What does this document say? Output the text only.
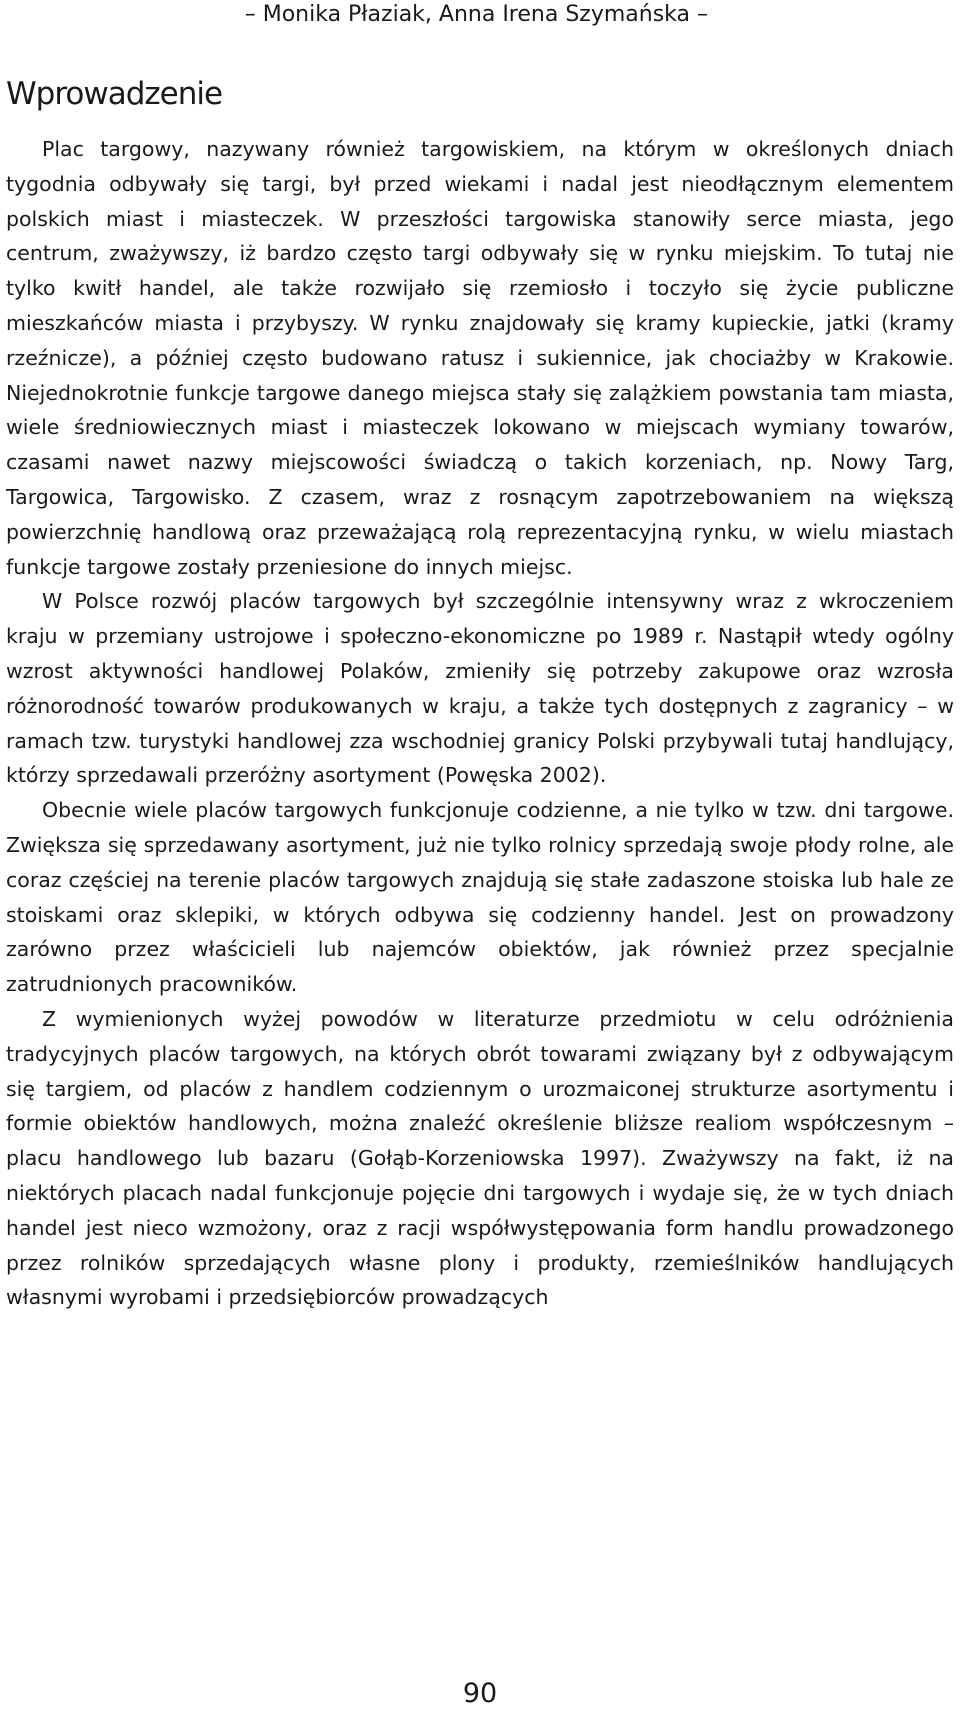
– Monika Płaziak, Anna Irena Szymańska –
Wprowadzenie

Plac targowy, nazywany również targowiskiem, na którym w określonych dniach tygodnia odbywały się targi, był przed wiekami i nadal jest nieodłącznym elementem polskich miast i miasteczek. W przeszłości targowiska stanowiły serce miasta, jego centrum, zważywszy, iż bardzo często targi odbywały się w rynku miejskim. To tutaj nie tylko kwitł handel, ale także rozwijało się rzemiosło i toczyło się życie publiczne mieszkańców miasta i przybyszy. W rynku znajdowały się kramy kupieckie, jatki (kramy rzeźnicze), a później często budowano ratusz i sukiennice, jak chociażby w Krakowie. Niejednokrotnie funkcje targowe danego miejsca stały się zalążkiem powstania tam miasta, wiele średniowiecznych miast i miasteczek lokowano w miejscach wymiany towarów, czasami nawet nazwy miejscowości świadczą o takich korzeniach, np. Nowy Targ, Targowica, Targowisko. Z czasem, wraz z rosnącym zapotrzebowaniem na większą powierzchnię handlową oraz przeważającą rolą reprezentacyjną rynku, w wielu miastach funkcje targowe zostały przeniesione do innych miejsc.

W Polsce rozwój placów targowych był szczególnie intensywny wraz z wkroczeniem kraju w przemiany ustrojowe i społeczno-ekonomiczne po 1989 r. Nastąpił wtedy ogólny wzrost aktywności handlowej Polaków, zmieniły się potrzeby zakupowe oraz wzrosła różnorodność towarów produkowanych w kraju, a także tych dostępnych z zagranicy – w ramach tzw. turystyki handlowej zza wschodniej granicy Polski przybywali tutaj handlujący, którzy sprzedawali przeróżny asortyment (Powęska 2002).

Obecnie wiele placów targowych funkcjonuje codzienne, a nie tylko w tzw. dni targowe. Zwiększa się sprzedawany asortyment, już nie tylko rolnicy sprzedają swoje płody rolne, ale coraz częściej na terenie placów targowych znajdują się stałe zadaszone stoiska lub hale ze stoiskami oraz sklepiki, w których odbywa się codzienny handel. Jest on prowadzony zarówno przez właścicieli lub najemców obiektów, jak również przez specjalnie zatrudnionych pracowników.

Z wymienionych wyżej powodów w literaturze przedmiotu w celu odróżnienia tradycyjnych placów targowych, na których obrót towarami związany był z odbywającym się targiem, od placów z handlem codziennym o urozmaiconej strukturze asortymentu i formie obiektów handlowych, można znaleźć określenie bliższe realiom współczesnym – placu handlowego lub bazaru (Gołąb-Korzeniowska 1997). Zważywszy na fakt, iż na niektórych placach nadal funkcjonuje pojęcie dni targowych i wydaje się, że w tych dniach handel jest nieco wzmożony, oraz z racji współwystępowania form handlu prowadzonego przez rolników sprzedających własne plony i produkty, rzemieślników handlujących własnymi wyrobami i przedsiębiorców prowadzących

90
